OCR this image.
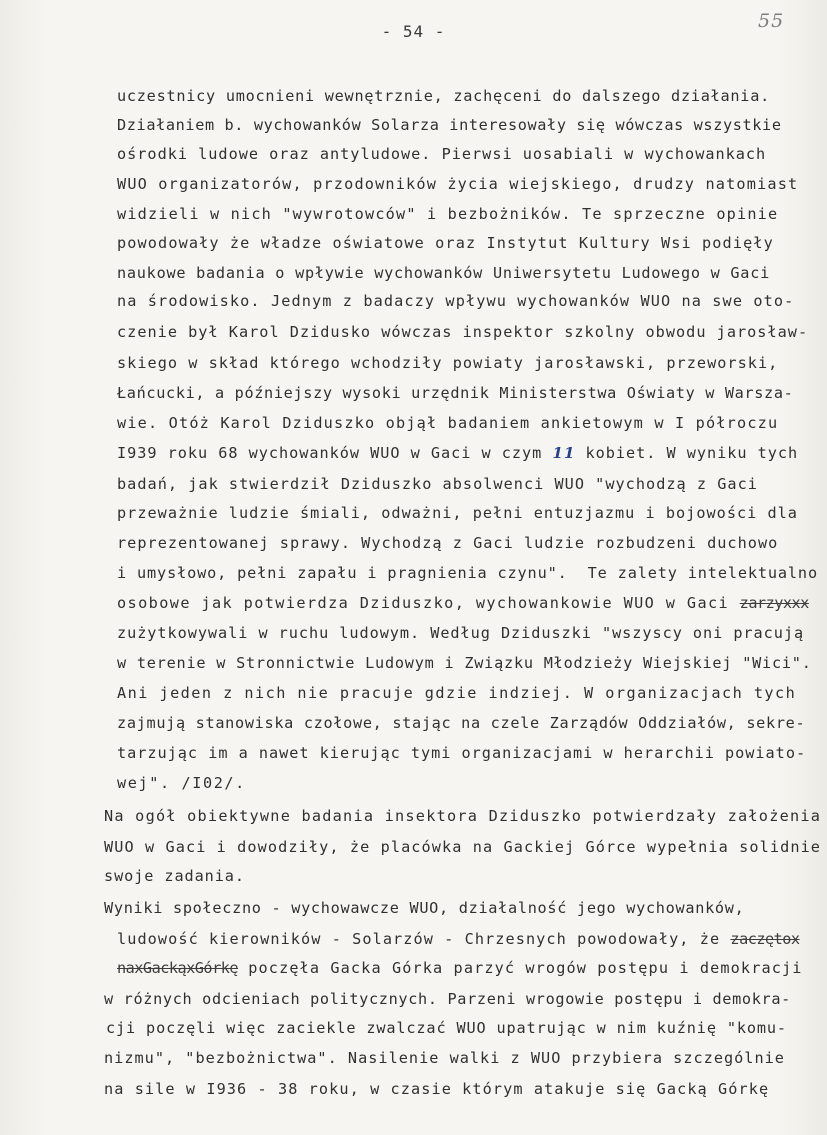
- 54 -	55
uczestnicy umocnieni wewnętrznie, zachęceni do dalszego działania.
Działaniem b. wychowanków Solarza interesowały się wówczas wszystkie
ośrodki ludowe oraz antyludowe. Pierwsi uosabiali w wychowankach
WUO organizatorów, przodowników życia wiejskiego, drudzy natomiast
widzieli w nich "wywrotowców" i bezbożników. Te sprzeczne opinie
powodowały że władze oświatowe oraz Instytut Kultury Wsi podięły
naukowe badania o wpływie wychowanków Uniwersytetu Ludowego w Gaci
na środowisko. Jednym z badaczy wpływu wychowanków WUO na swe oto-
czenie był Karol Dzidusko wówczas inspektor szkolny obwodu jarosław-
skiego w skład którego wchodziły powiaty jarosławski, przeworski,
Łańcucki, a późniejszy wysoki urzędnik Ministerstwa Oświaty w Warsza-
wie. Otóż Karol Dziduszko objął badaniem ankietowym w I półroczu
I939 roku 68 wychowanków WUO w Gaci w czym 11 kobiet. W wyniku tych
badań, jak stwierdził Dziduszko absolwenci WUO "wychodzą z Gaci
przeważnie ludzie śmiali, odważni, pełni entuzjazmu i bojowości dla
reprezentowanej sprawy. Wychodzą z Gaci ludzie rozbudzeni duchowo
i umysłowo, pełni zapału i pragnienia czynu".  Te zalety intelektualno
osobowe jak potwierdza Dziduszko, wychowankowie WUO w Gaci zarzyxxx
zużytkowywali w ruchu ludowym. Według Dziduszki "wszyscy oni pracują
w terenie w Stronnictwie Ludowym i Związku Młodzieży Wiejskiej "Wici".
Ani jeden z nich nie pracuje gdzie indziej. W organizacjach tych
zajmują stanowiska czołowe, stając na czele Zarządów Oddziałów, sekre-
tarzując im a nawet kierując tymi organizacjami w herarchii powiato-
wej". /I02/.
Na ogół obiektywne badania insektora Dziduszko potwierdzały założenia
WUO w Gaci i dowodziły, że placówka na Gackiej Górce wypełnia solidnie
swoje zadania.
Wyniki społeczno - wychowawcze WUO, działalność jego wychowanków,
ludowość kierowników - Solarzów - Chrzesnych powodowały, że zaczętox
naxGackąxGórkę poczęła Gacka Górka parzyć wrogów postępu i demokracji
w różnych odcieniach politycznych. Parzeni wrogowie postępu i demokra-
cji poczęli więc zaciekle zwalczać WUO upatrując w nim kuźnię "komu-
nizmu", "bezbożnictwa". Nasilenie walki z WUO przybiera szczególnie
na sile w I936 - 38 roku, w czasie którym atakuje się Gacką Górkę
